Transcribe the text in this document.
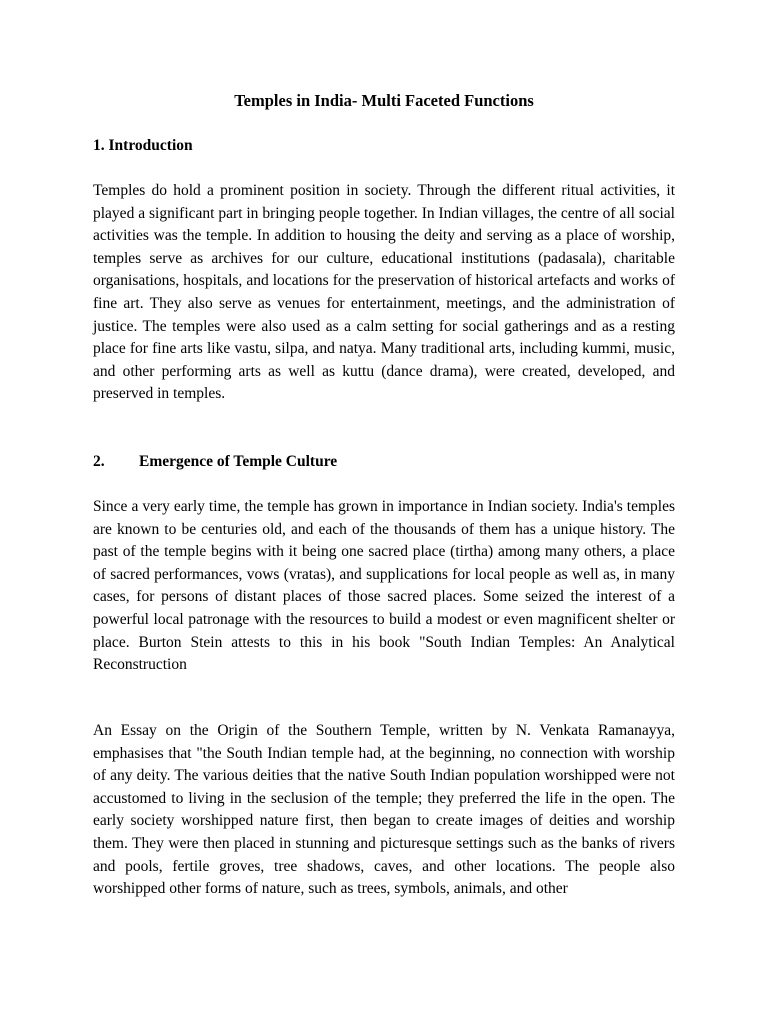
Temples in India- Multi Faceted Functions
1. Introduction

Temples do hold a prominent position in society. Through the different ritual activities, it played a significant part in bringing people together. In Indian villages, the centre of all social activities was the temple. In addition to housing the deity and serving as a place of worship, temples serve as archives for our culture, educational institutions (padasala), charitable organisations, hospitals, and locations for the preservation of historical artefacts and works of fine art. They also serve as venues for entertainment, meetings, and the administration of justice. The temples were also used as a calm setting for social gatherings and as a resting place for fine arts like vastu, silpa, and natya. Many traditional arts, including kummi, music, and other performing arts as well as kuttu (dance drama), were created, developed, and preserved in temples.

2. Emergence of Temple Culture

Since a very early time, the temple has grown in importance in Indian society. India's temples are known to be centuries old, and each of the thousands of them has a unique history. The past of the temple begins with it being one sacred place (tirtha) among many others, a place of sacred performances, vows (vratas), and supplications for local people as well as, in many cases, for persons of distant places of those sacred places. Some seized the interest of a powerful local patronage with the resources to build a modest or even magnificent shelter or place. Burton Stein attests to this in his book "South Indian Temples: An Analytical Reconstruction

An Essay on the Origin of the Southern Temple, written by N. Venkata Ramanayya, emphasises that "the South Indian temple had, at the beginning, no connection with worship of any deity. The various deities that the native South Indian population worshipped were not accustomed to living in the seclusion of the temple; they preferred the life in the open. The early society worshipped nature first, then began to create images of deities and worship them. They were then placed in stunning and picturesque settings such as the banks of rivers and pools, fertile groves, tree shadows, caves, and other locations. The people also worshipped other forms of nature, such as trees, symbols, animals, and other
